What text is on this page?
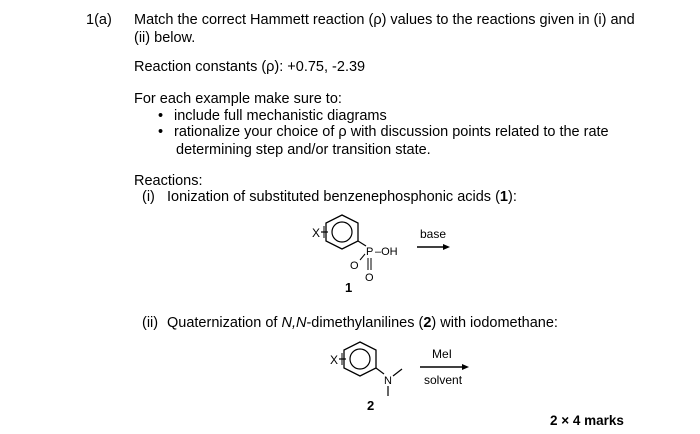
1(a) Match the correct Hammett reaction (ρ) values to the reactions given in (i) and
(ii) below.
Reaction constants (ρ): +0.75, -2.39
For each example make sure to:
• include full mechanistic diagrams
• rationalize your choice of ρ with discussion points related to the rate
determining step and/or transition state.
Reactions:
(i) Ionization of substituted benzenephosphonic acids (1):
X
P –OH
O
O
base
1
(ii) Quaternization of N,N-dimethylanilines (2) with iodomethane:
X
N
MeI
solvent
2
2 × 4 marks
